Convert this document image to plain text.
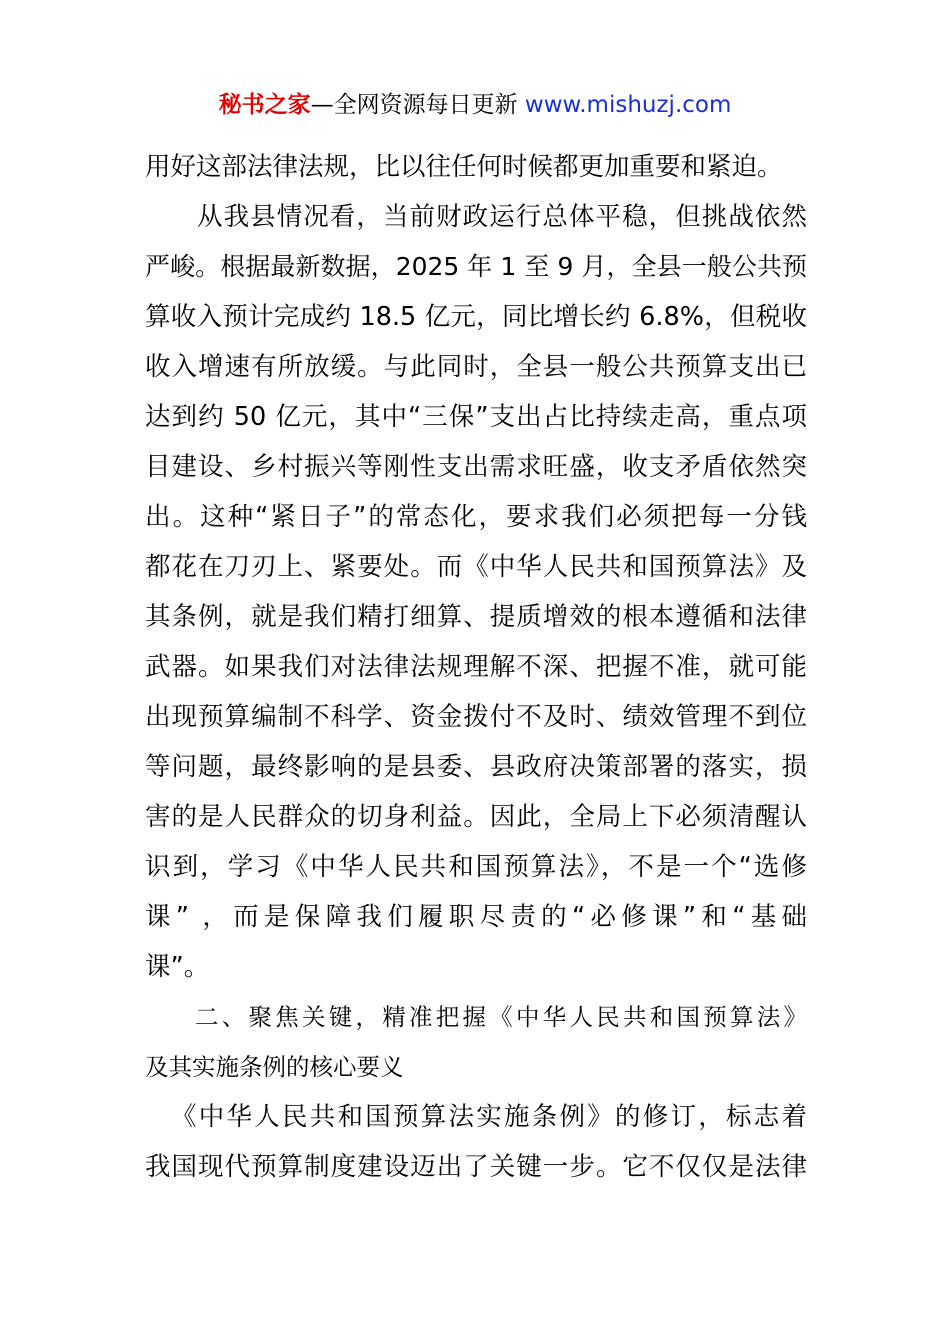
秘书之家—全网资源每日更新 www.mishuzj.com
用好这部法律法规，比以往任何时候都更加重要和紧迫。
从我县情况看，当前财政运行总体平稳，但挑战依然
严峻。根据最新数据，2025 年 1 至 9 月，全县一般公共预
算收入预计完成约 18.5 亿元，同比增长约 6.8%，但税收
收入增速有所放缓。与此同时，全县一般公共预算支出已
达到约 50 亿元，其中“三保”支出占比持续走高，重点项
目建设、乡村振兴等刚性支出需求旺盛，收支矛盾依然突
出。这种“紧日子”的常态化，要求我们必须把每一分钱
都花在刀刃上、紧要处。而《中华人民共和国预算法》及
其条例，就是我们精打细算、提质增效的根本遵循和法律
武器。如果我们对法律法规理解不深、把握不准，就可能
出现预算编制不科学、资金拨付不及时、绩效管理不到位
等问题，最终影响的是县委、县政府决策部署的落实，损
害的是人民群众的切身利益。因此，全局上下必须清醒认
识到，学习《中华人民共和国预算法》，不是一个“选修
课” ，而是保障我们履职尽责的“必修课”和“基础
课”。
二、聚焦关键，精准把握《中华人民共和国预算法》
及其实施条例的核心要义
《中华人民共和国预算法实施条例》的修订，标志着
我国现代预算制度建设迈出了关键一步。它不仅仅是法律
